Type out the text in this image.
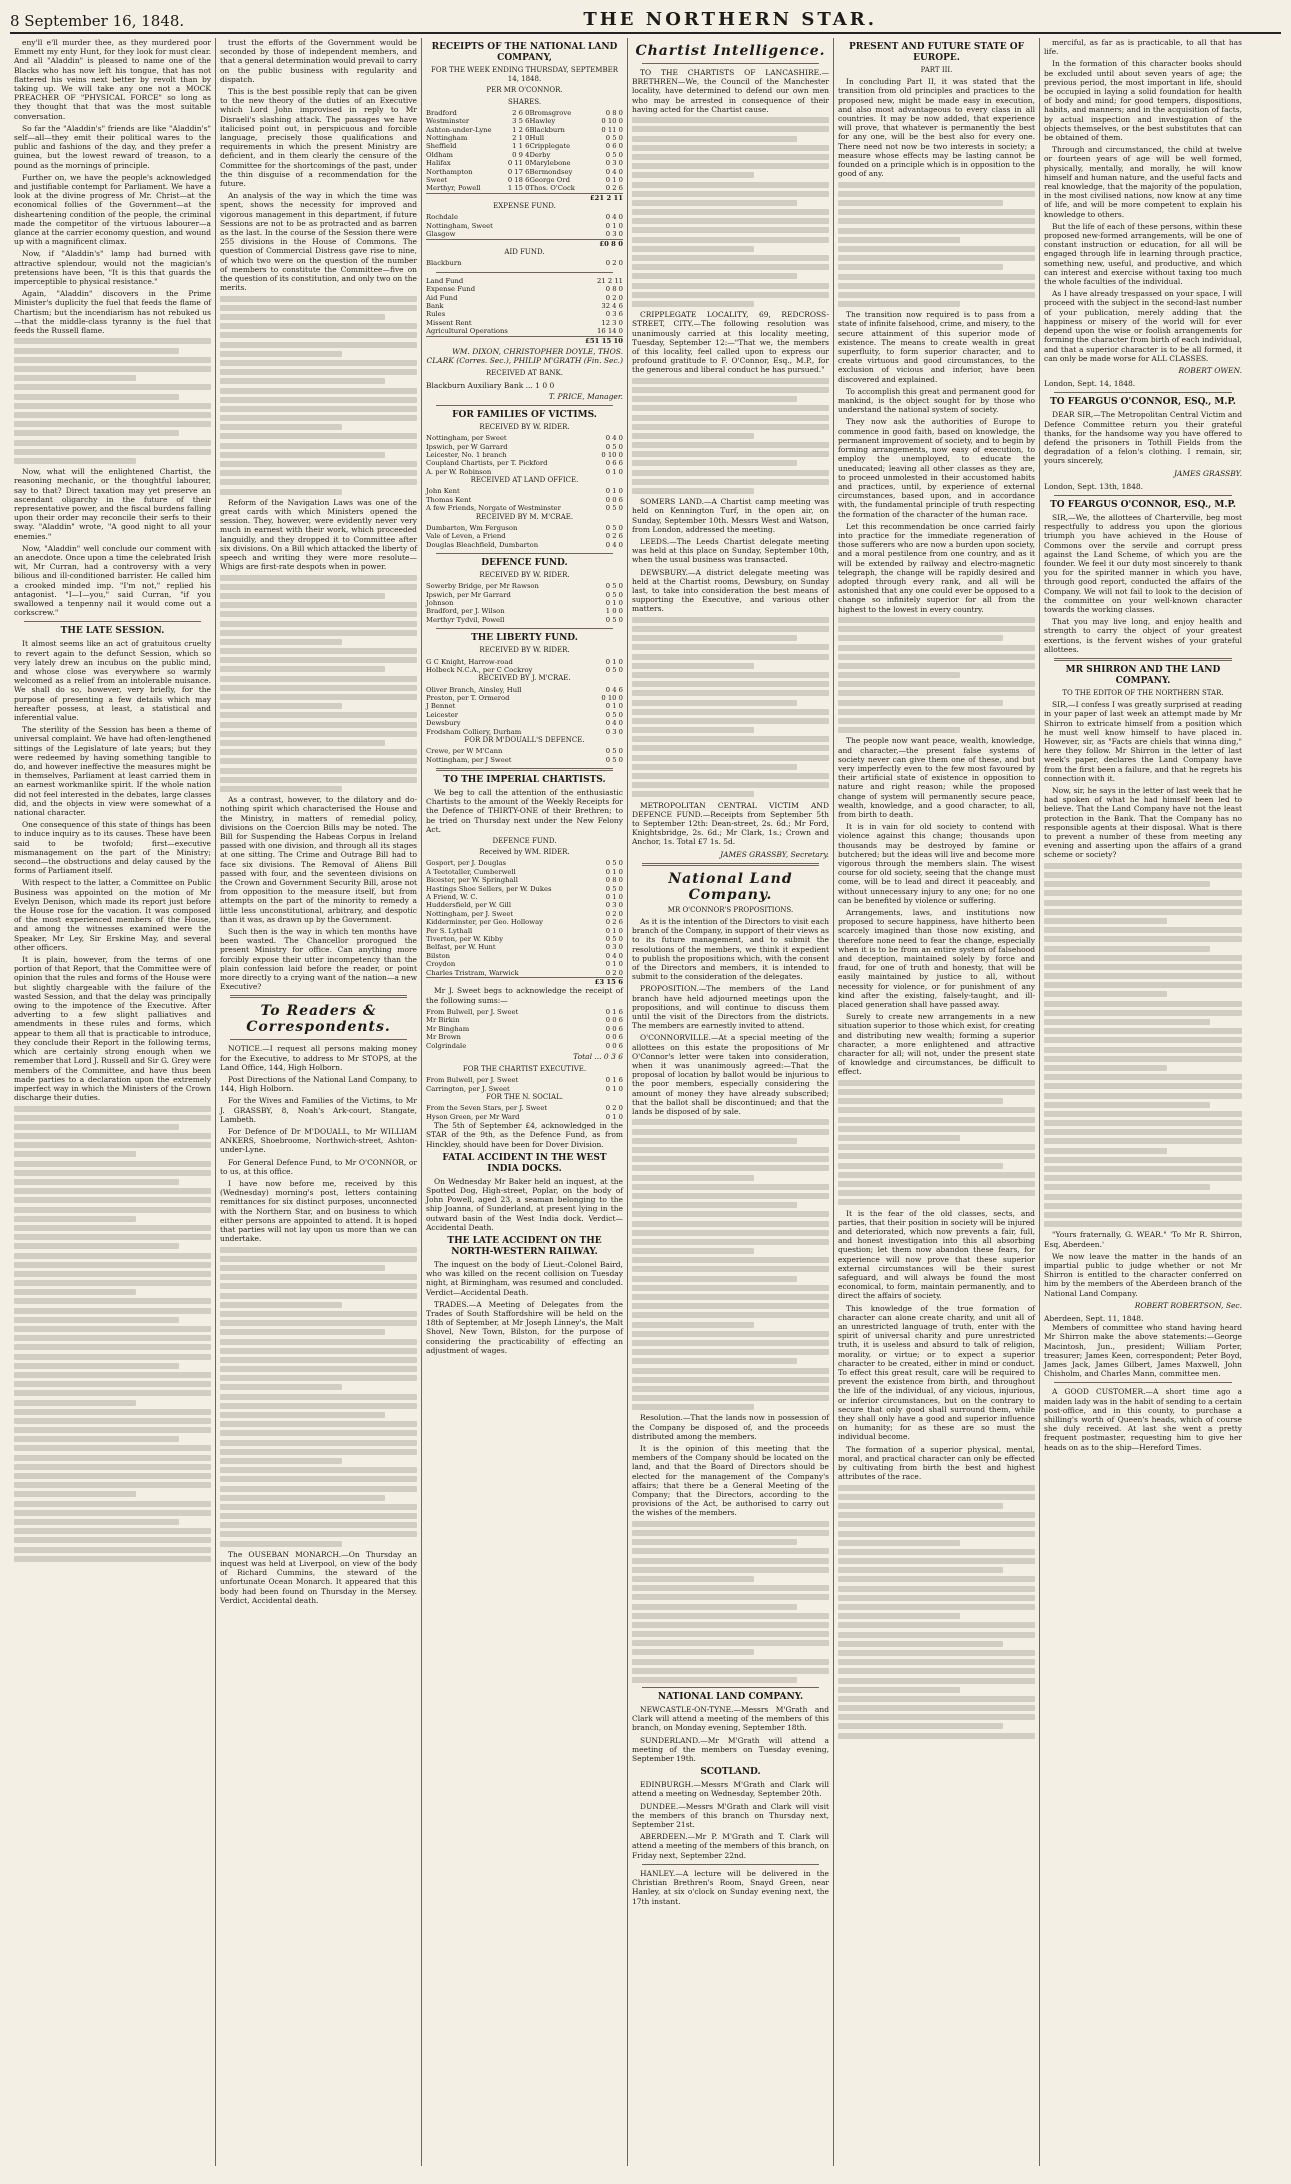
8 September 16, 1848.	THE NORTHERN STAR.

eny'll e'll murder thee, as they murdered poor Emmett my enty Hunt, for they look for must clear. And all "Aladdin" is pleased to name one of the Blacks who has now left his tongue, that has not flattered his veins next better by revolt than by taking up. We will take any one not a MOCK PREACHER OF "PHYSICAL FORCE" so long as they thought that that was the most suitable conversation.

So far the "Aladdin's" friends are like "Aladdin's" self—all—they emit their political wares to the public and fashions of the day, and they prefer a guinea, but the lowest reward of treason, to a pound as the mornings of principle.

Further on, we have the people's acknowledged and justifiable contempt for Parliament. We have a look at the divine progress of Mr. Christ—at the economical follies of the Government—at the disheartening condition of the people, the criminal made the competitor of the virtuous labourer—a glance at the carrier economy question, and wound up with a magnificent climax.

Now, if "Aladdin's" lamp had burned with attractive splendour, would not the magician's pretensions have been, "It is this that guards the imperceptible to physical resistance."

Again, "Aladdin" discovers in the Prime Minister's duplicity the fuel that feeds the flame of Chartism; but the incendiarism has not rebuked us—that the middle-class tyranny is the fuel that feeds the Russell flame.

Now, what will the enlightened Chartist, the reasoning mechanic, or the thoughtful labourer, say to that? Direct taxation may yet preserve an ascendant oligarchy in the future of their representative power, and the fiscal burdens falling upon their order may reconcile their serfs to their sway. "Aladdin" wrote, "A good night to all your enemies."

Now, "Aladdin" well conclude our comment with an anecdote. Once upon a time the celebrated Irish wit, Mr Curran, had a controversy with a very bilious and ill-conditioned barrister. He called him a crooked minded imp. "I'm not," replied his antagonist. "I—I—you," said Curran, "if you swallowed a tenpenny nail it would come out a corkscrew."

THE LATE SESSION.

It almost seems like an act of gratuitous cruelty to revert again to the defunct Session, which so very lately drew an incubus on the public mind, and whose close was everywhere so warmly welcomed as a relief from an intolerable nuisance. We shall do so, however, very briefly, for the purpose of presenting a few details which may hereafter possess, at least, a statistical and inferential value.

The sterility of the Session has been a theme of universal complaint. We have had often-lengthened sittings of the Legislature of late years; but they were redeemed by having something tangible to do, and however ineffective the measures might be in themselves, Parliament at least carried them in an earnest workmanlike spirit. If the whole nation did not feel interested in the debates, large classes did, and the objects in view were somewhat of a national character.

One consequence of this state of things has been to induce inquiry as to its causes. These have been said to be twofold; first—executive mismanagement on the part of the Ministry; second—the obstructions and delay caused by the forms of Parliament itself.

With respect to the latter, a Committee on Public Business was appointed on the motion of Mr Evelyn Denison, which made its report just before the House rose for the vacation. It was composed of the most experienced members of the House, and among the witnesses examined were the Speaker, Mr Ley, Sir Erskine May, and several other officers.

It is plain, however, from the terms of one portion of that Report, that the Committee were of opinion that the rules and forms of the House were but slightly chargeable with the failure of the wasted Session, and that the delay was principally owing to the impotence of the Executive. After adverting to a few slight palliatives and amendments in these rules and forms, which appear to them all that is practicable to introduce, they conclude their Report in the following terms, which are certainly strong enough when we remember that Lord J. Russell and Sir G. Grey were members of the Committee, and have thus been made parties to a declaration upon the extremely imperfect way in which the Ministers of the Crown discharge their duties.

trust the efforts of the Government would be seconded by those of independent members, and that a general determination would prevail to carry on the public business with regularity and dispatch.

This is the best possible reply that can be given to the new theory of the duties of an Executive which Lord John improvised in reply to Mr Disraeli's slashing attack. The passages we have italicised point out, in perspicuous and forcible language, precisely those qualifications and requirements in which the present Ministry are deficient, and in them clearly the censure of the Committee for the shortcomings of the past, under the thin disguise of a recommendation for the future.

An analysis of the way in which the time was spent, shows the necessity for improved and vigorous management in this department, if future Sessions are not to be as protracted and as barren as the last. In the course of the Session there were 255 divisions in the House of Commons. The question of Commercial Distress gave rise to nine, of which two were on the question of the number of members to constitute the Committee—five on the question of its constitution, and only two on the merits.

Reform of the Navigation Laws was one of the great cards with which Ministers opened the session. They, however, were evidently never very much in earnest with their work, which proceeded languidly, and they dropped it to Committee after six divisions. On a Bill which attacked the liberty of speech and writing they were more resolute—Whigs are first-rate despots when in power.

As a contrast, however, to the dilatory and do-nothing spirit which characterised the House and the Ministry, in matters of remedial policy, divisions on the Coercion Bills may be noted. The Bill for Suspending the Habeas Corpus in Ireland passed with one division, and through all its stages at one sitting. The Crime and Outrage Bill had to face six divisions. The Removal of Aliens Bill passed with four, and the seventeen divisions on the Crown and Government Security Bill, arose not from opposition to the measure itself, but from attempts on the part of the minority to remedy a little less unconstitutional, arbitrary, and despotic than it was, as drawn up by the Government.

Such then is the way in which ten months have been wasted. The Chancellor prorogued the present Ministry for office. Can anything more forcibly expose their utter incompetency than the plain confession laid before the reader, or point more directly to a crying want of the nation—a new Executive?

To Readers & Correspondents.

NOTICE.—I request all persons making money for the Executive, to address to Mr STOPS, at the Land Office, 144, High Holborn.

Post Directions of the National Land Company, to 144, High Holborn.

For the Wives and Families of the Victims, to Mr J. GRASSBY, 8, Noah's Ark-court, Stangate, Lambeth.

For Defence of Dr M'DOUALL, to Mr WILLIAM ANKERS, Shoebroome, Northwich-street, Ashton-under-Lyne.

For General Defence Fund, to Mr O'CONNOR, or to us, at this office.

I have now before me, received by this (Wednesday) morning's post, letters containing remittances for six distinct purposes, unconnected with the Northern Star, and on business to which either persons are appointed to attend. It is hoped that parties will not lay upon us more than we can undertake.

The OUSEBAN MONARCH.—On Thursday an inquest was held at Liverpool, on view of the body of Richard Cummins, the steward of the unfortunate Ocean Monarch. It appeared that this body had been found on Thursday in the Mersey. Verdict, Accidental death.

RECEIPTS OF THE NATIONAL LAND COMPANY,
FOR THE WEEK ENDING THURSDAY, SEPTEMBER 14, 1848.
PER MR O'CONNOR.
SHARES.
Bradford	2 6 0	Bromsgrove	0 8 0
Westminster	3 5 6	Hawley	0 10 0
Ashton-under-Lyne	1 2 6	Blackburn	0 11 0
Nottingham	2 1 0	Hull	0 5 0
Sheffield	1 1 6	Cripplegate	0 6 0
Oldham	0 9 4	Derby	0 5 0
Halifax	0 11 0	Marylebone	0 3 0
Northampton	0 17 6	Bermondsey	0 4 0
Sweet	0 18 6	George Ord	0 1 0
Merthyr, Powell	1 15 0	Thos. O'Cock	0 2 6
			£21 2 11
EXPENSE FUND.
Rochdale	0 4 0
Nottingham, Sweet	0 1 0
Glasgow	0 3 0
	£0 8 0
AID FUND.
Blackburn	0 2 0
Land Fund	21 2 11
Expense Fund	0 8 0
Aid Fund	0 2 0
Bank	32 4 6
Rules	0 3 6
Missent Rent	12 3 0
Agricultural Operations	16 14 0
	£51 15 10
WM. DIXON, CHRISTOPHER DOYLE, THOS. CLARK (Corres. Sec.), PHILIP M'GRATH (Fin. Sec.)
RECEIVED AT BANK.
Blackburn Auxiliary Bank ... 1 0 0
T. PRICE, Manager.
FOR FAMILIES OF VICTIMS.
RECEIVED BY W. RIDER.
Nottingham, per Sweet	0 4 0
Ipswich, per W Garrard	0 5 0
Leicester, No. 1 branch	0 10 0
Coupland Chartists, per T. Pickford	0 6 6
A. per W. Robinson	0 1 0
RECEIVED AT LAND OFFICE.
John Kent	0 1 0
Thomas Kent	0 0 6
A few Friends, Norgate of Westminster	0 5 0
RECEIVED BY M. M'CRAE.
Dumbarton, Wm Ferguson	0 5 0
Vale of Leven, a Friend	0 2 6
Douglas Bleachfield, Dumbarton	0 4 0
DEFENCE FUND.
RECEIVED BY W. RIDER.
Sowerby Bridge, per Mr Rawson	0 5 0
Ipswich, per Mr Garrard	0 5 0
Johnson	0 1 0
Bradford, per J. Wilson	1 0 0
Merthyr Tydvil, Powell	0 5 0
THE LIBERTY FUND.
RECEIVED BY W. RIDER.
G C Knight, Harrow-road	0 1 0
Holbeck N.C.A., per C Cockroy	0 5 0
RECEIVED BY J. M'CRAE.
Oliver Branch, Ainsley, Hull	0 4 6
Preston, per T. Ormerod	0 10 0
J Bennet	0 1 0
Leicester	0 5 0
Dewsbury	0 4 0
Frodsham Colliery, Durham	0 3 0
FOR DR M'DOUALL'S DEFENCE.
Crewe, per W M'Cann	0 5 0
Nottingham, per J Sweet	0 5 0
TO THE IMPERIAL CHARTISTS.

We beg to call the attention of the enthusiastic Chartists to the amount of the Weekly Receipts for the Defence of THIRTY-ONE of their Brethren; to be tried on Thursday next under the New Felony Act.

DEFENCE FUND.
Received by WM. RIDER.
Gosport, per J. Douglas	0 5 0
A Teetotaller, Cumberwell	0 1 0
Bicester, per W. Springhall	0 8 0
Hastings Shoe Sellers, per W. Dukes	0 5 0
A Friend, W. C.	0 1 0
Huddersfield, per W. Gill	0 3 0
Nottingham, per J. Sweet	0 2 0
Kidderminster, per Geo. Holloway	0 2 6
Per S. Lythall	0 1 0
Tiverton, per W. Kibby	0 5 0
Belfast, per W. Hunt	0 3 0
Bilston	0 4 0
Croydon	0 1 0
Charles Tristram, Warwick	0 2 0
	£3 15 6

Mr J. Sweet begs to acknowledge the receipt of the following sums:—

From Bulwell, per J. Sweet	0 1 6
Mr Birkin	0 0 6
Mr Bingham	0 0 6
Mr Brown	0 0 6
Colgrindale	0 0 6
Total ... 0 3 6
FOR THE CHARTIST EXECUTIVE.
From Bulwell, per J. Sweet	0 1 6
Carrington, per J. Sweet	0 1 0
FOR THE N. SOCIAL.
From the Seven Stars, per J. Sweet	0 2 0
Hyson Green, per Mr Ward	0 1 0

The 5th of September £4, acknowledged in the STAR of the 9th, as the Defence Fund, as from Hinckley, should have been for Dover Division.

FATAL ACCIDENT IN THE WEST INDIA DOCKS.

On Wednesday Mr Baker held an inquest, at the Spotted Dog, High-street, Poplar, on the body of John Powell, aged 23, a seaman belonging to the ship Joanna, of Sunderland, at present lying in the outward basin of the West India dock. Verdict—Accidental Death.

THE LATE ACCIDENT ON THE NORTH-WESTERN RAILWAY.

The inquest on the body of Lieut.-Colonel Baird, who was killed on the recent collision on Tuesday night, at Birmingham, was resumed and concluded. Verdict—Accidental Death.

TRADES.—A Meeting of Delegates from the Trades of South Staffordshire will be held on the 18th of September, at Mr Joseph Linney's, the Malt Shovel, New Town, Bilston, for the purpose of considering the practicability of effecting an adjustment of wages.

Chartist Intelligence.

TO THE CHARTISTS OF LANCASHIRE.—BRETHREN—We, the Council of the Manchester locality, have determined to defend our own men who may be arrested in consequence of their having acted for the Chartist cause.

CRIPPLEGATE LOCALITY, 69, REDCROSS-STREET, CITY.—The following resolution was unanimously carried at this locality meeting, Tuesday, September 12:—"That we, the members of this locality, feel called upon to express our profound gratitude to F. O'Connor, Esq., M.P., for the generous and liberal conduct he has pursued."

SOMERS LAND.—A Chartist camp meeting was held on Kennington Turf, in the open air, on Sunday, September 10th. Messrs West and Watson, from London, addressed the meeting.

LEEDS.—The Leeds Chartist delegate meeting was held at this place on Sunday, September 10th, when the usual business was transacted.

DEWSBURY.—A district delegate meeting was held at the Chartist rooms, Dewsbury, on Sunday last, to take into consideration the best means of supporting the Executive, and various other matters.

METROPOLITAN CENTRAL VICTIM AND DEFENCE FUND.—Receipts from September 5th to September 12th: Dean-street, 2s. 6d.; Mr Ford, Knightsbridge, 2s. 6d.; Mr Clark, 1s.; Crown and Anchor, 1s. Total £7 1s. 5d.

JAMES GRASSBY, Secretary.
National Land Company.
MR O'CONNOR'S PROPOSITIONS.

As it is the intention of the Directors to visit each branch of the Company, in support of their views as to its future management, and to submit the resolutions of the members, we think it expedient to publish the propositions which, with the consent of the Directors and members, it is intended to submit to the consideration of the delegates.

PROPOSITION.—The members of the Land branch have held adjourned meetings upon the propositions, and will continue to discuss them until the visit of the Directors from the districts. The members are earnestly invited to attend.

O'CONNORVILLE.—At a special meeting of the allottees on this estate the propositions of Mr O'Connor's letter were taken into consideration, when it was unanimously agreed:—That the proposal of location by ballot would be injurious to the poor members, especially considering the amount of money they have already subscribed; that the ballot shall be discontinued; and that the lands be disposed of by sale.

Resolution.—That the lands now in possession of the Company be disposed of, and the proceeds distributed among the members.

It is the opinion of this meeting that the members of the Company should be located on the land, and that the Board of Directors should be elected for the management of the Company's affairs; that there be a General Meeting of the Company; that the Directors, according to the provisions of the Act, be authorised to carry out the wishes of the members.

NATIONAL LAND COMPANY.

NEWCASTLE-ON-TYNE.—Messrs M'Grath and Clark will attend a meeting of the members of this branch, on Monday evening, September 18th.

SUNDERLAND.—Mr M'Grath will attend a meeting of the members on Tuesday evening, September 19th.

SCOTLAND.

EDINBURGH.—Messrs M'Grath and Clark will attend a meeting on Wednesday, September 20th.

DUNDEE.—Messrs M'Grath and Clark will visit the members of this branch on Thursday next, September 21st.

ABERDEEN.—Mr P. M'Grath and T. Clark will attend a meeting of the members of this branch, on Friday next, September 22nd.

HANLEY.—A lecture will be delivered in the Christian Brethren's Room, Snayd Green, near Hanley, at six o'clock on Sunday evening next, the 17th instant.

PRESENT AND FUTURE STATE OF EUROPE.
PART III.

In concluding Part II, it was stated that the transition from old principles and practices to the proposed new, might be made easy in execution, and also most advantageous to every class in all countries. It may be now added, that experience will prove, that whatever is permanently the best for any one, will be the best also for every one. There need not now be two interests in society; a measure whose effects may be lasting cannot be founded on a principle which is in opposition to the good of any.

The transition now required is to pass from a state of infinite falsehood, crime, and misery, to the secure attainment of this superior mode of existence. The means to create wealth in great superfluity, to form superior character, and to create virtuous and good circumstances, to the exclusion of vicious and inferior, have been discovered and explained.

To accomplish this great and permanent good for mankind, is the object sought for by those who understand the national system of society.

They now ask the authorities of Europe to commence in good faith, based on knowledge, the permanent improvement of society, and to begin by forming arrangements, now easy of execution, to employ the unemployed, to educate the uneducated; leaving all other classes as they are, to proceed unmolested in their accustomed habits and practices, until, by experience of external circumstances, based upon, and in accordance with, the fundamental principle of truth respecting the formation of the character of the human race.

Let this recommendation be once carried fairly into practice for the immediate regeneration of those sufferers who are now a burden upon society, and a moral pestilence from one country, and as it will be extended by railway and electro-magnetic telegraph, the change will be rapidly desired and adopted through every rank, and all will be astonished that any one could ever be opposed to a change so infinitely superior for all from the highest to the lowest in every country.

The people now want peace, wealth, knowledge, and character,—the present false systems of society never can give them one of these, and but very imperfectly even to the few most favoured by their artificial state of existence in opposition to nature and right reason; while the proposed change of system will permanently secure peace, wealth, knowledge, and a good character, to all, from birth to death.

It is in vain for old society to contend with violence against this change; thousands upon thousands may be destroyed by famine or butchered; but the ideas will live and become more vigorous through the members slain. The wisest course for old society, seeing that the change must come, will be to lead and direct it peaceably, and without unnecessary injury to any one; for no one can be benefited by violence or suffering.

Arrangements, laws, and institutions now proposed to secure happiness, have hitherto been scarcely imagined than those now existing, and therefore none need to fear the change, especially when it is to be from an entire system of falsehood and deception, maintained solely by force and fraud, for one of truth and honesty, that will be easily maintained by justice to all, without necessity for violence, or for punishment of any kind after the existing, falsely-taught, and ill-placed generation shall have passed away.

Surely to create new arrangements in a new situation superior to those which exist, for creating and distributing new wealth; forming a superior character, a more enlightened and attractive character for all; will not, under the present state of knowledge and circumstances, be difficult to effect.

It is the fear of the old classes, sects, and parties, that their position in society will be injured and deteriorated, which now prevents a fair, full, and honest investigation into this all absorbing question; let them now abandon these fears, for experience will now prove that these superior external circumstances will be their surest safeguard, and will always be found the most economical, to form, maintain permanently, and to direct the affairs of society.

This knowledge of the true formation of character can alone create charity, and unit all of an unrestricted language of truth, enter with the spirit of universal charity and pure unrestricted truth, it is useless and absurd to talk of religion, morality, or virtue; or to expect a superior character to be created, either in mind or conduct. To effect this great result, care will be required to prevent the existence from birth, and throughout the life of the individual, of any vicious, injurious, or inferior circumstances, but on the contrary to secure that only good shall surround them, while they shall only have a good and superior influence on humanity; for as these are so must the individual become.

The formation of a superior physical, mental, moral, and practical character can only be effected by cultivating from birth the best and highest attributes of the race.

merciful, as far as is practicable, to all that has life.

In the formation of this character books should be excluded until about seven years of age; the previous period, the most important in life, should be occupied in laying a solid foundation for health of body and mind; for good tempers, dispositions, habits, and manners; and in the acquisition of facts, by actual inspection and investigation of the objects themselves, or the best substitutes that can be obtained of them.

Through and circumstanced, the child at twelve or fourteen years of age will be well formed, physically, mentally, and morally, he will know himself and human nature, and the useful facts and real knowledge, that the majority of the population, in the most civilised nations, now know at any time of life, and will be more competent to explain his knowledge to others.

But the life of each of these persons, within these proposed new-formed arrangements, will be one of constant instruction or education, for all will be engaged through life in learning through practice, something new, useful, and productive, and which can interest and exercise without taxing too much the whole faculties of the individual.

As I have already trespassed on your space, I will proceed with the subject in the second-last number of your publication, merely adding that the happiness or misery of the world will for ever depend upon the wise or foolish arrangements for forming the character from birth of each individual, and that a superior character is to be all formed, it can only be made worse for ALL CLASSES.

ROBERT OWEN.
London, Sept. 14, 1848.
TO FEARGUS O'CONNOR, ESQ., M.P.

DEAR SIR,—The Metropolitan Central Victim and Defence Committee return you their grateful thanks, for the handsome way you have offered to defend the prisoners in Tothill Fields from the degradation of a felon's clothing. I remain, sir, yours sincerely,

JAMES GRASSBY.
London, Sept. 13th, 1848.
TO FEARGUS O'CONNOR, ESQ., M.P.

SIR,—We, the allottees of Charterville, beg most respectfully to address you upon the glorious triumph you have achieved in the House of Commons over the servile and corrupt press against the Land Scheme, of which you are the founder. We feel it our duty most sincerely to thank you for the spirited manner in which you have, through good report, conducted the affairs of the Company. We will not fail to look to the decision of the committee on your well-known character towards the working classes.

That you may live long, and enjoy health and strength to carry the object of your greatest exertions, is the fervent wishes of your grateful allottees.

MR SHIRRON AND THE LAND COMPANY.
TO THE EDITOR OF THE NORTHERN STAR.

SIR,—I confess I was greatly surprised at reading in your paper of last week an attempt made by Mr Shirron to extricate himself from a position which he must well know himself to have placed in. However, sir, as "Facts are chiels that winna ding," here they follow. Mr Shirron in the letter of last week's paper, declares the Land Company have from the first been a failure, and that he regrets his connection with it.

Now, sir, he says in the letter of last week that he had spoken of what he had himself been led to believe. That the Land Company have not the least protection in the Bank. That the Company has no responsible agents at their disposal. What is there to prevent a number of these from meeting any evening and asserting upon the affairs of a grand scheme or society?

"Yours fraternally, G. WEAR." 'To Mr R. Shirron, Esq, Aberdeen.'

We now leave the matter in the hands of an impartial public to judge whether or not Mr Shirron is entitled to the character conferred on him by the members of the Aberdeen branch of the National Land Company.

ROBERT ROBERTSON, Sec.
Aberdeen, Sept. 11, 1848.

Members of committee who stand having heard Mr Shirron make the above statements:—George Macintosh, Jun., president; William Porter, treasurer; James Keen, correspondent; Peter Boyd, James Jack, James Gilbert, James Maxwell, John Chisholm, and Charles Mann, committee men.

A GOOD CUSTOMER.—A short time ago a maiden lady was in the habit of sending to a certain post-office, and in this county, to purchase a shilling's worth of Queen's heads, which of course she duly received. At last she went a pretty frequent postmaster, requesting him to give her heads on as to the ship—Hereford Times.
